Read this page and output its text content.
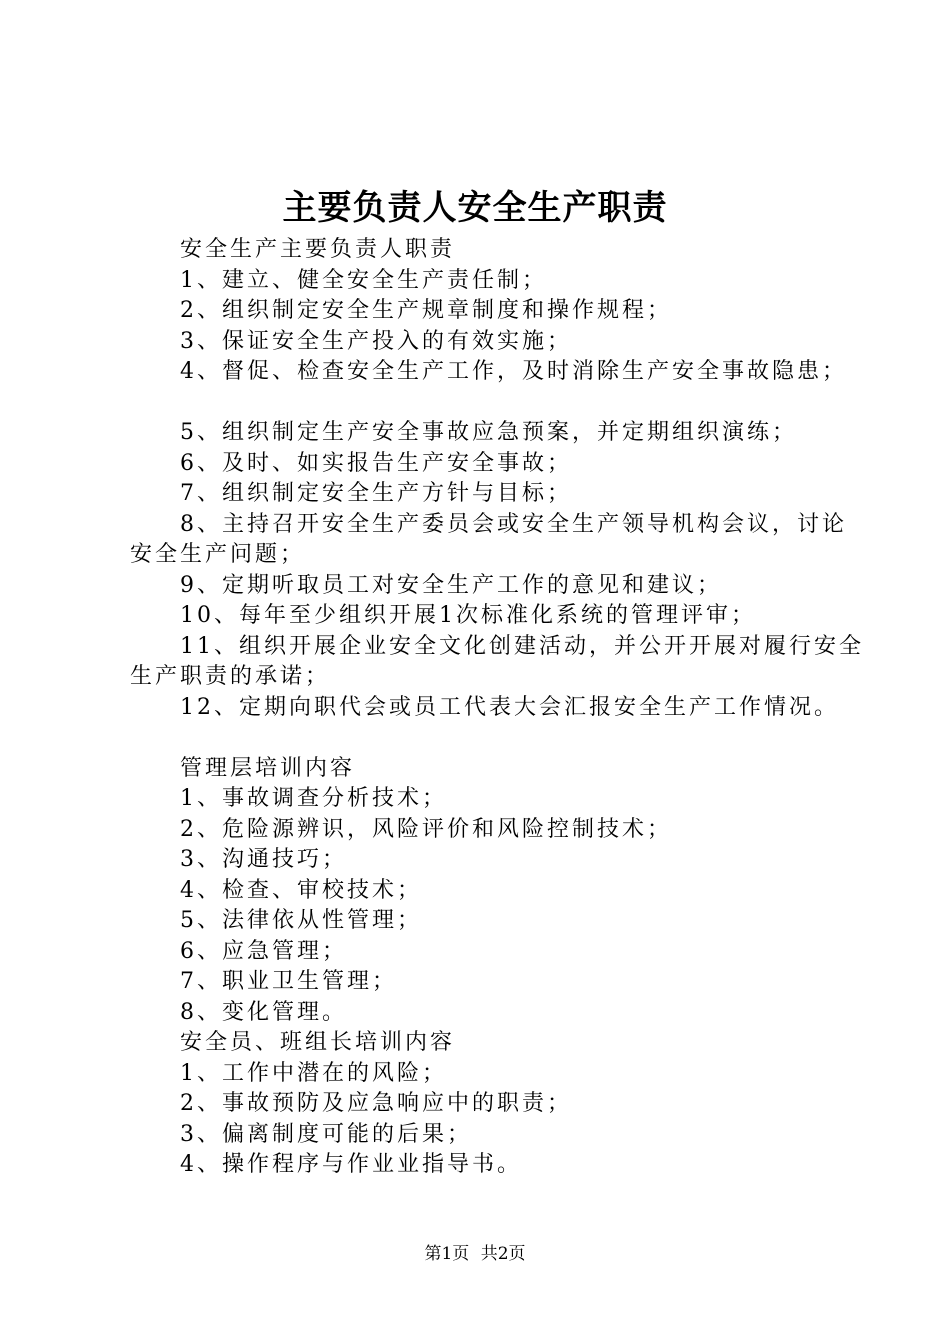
主要负责人安全生产职责

安全生产主要负责人职责

1、建立、健全安全生产责任制；

2、组织制定安全生产规章制度和操作规程；

3、保证安全生产投入的有效实施；

4、督促、检查安全生产工作，及时消除生产安全事故隐患；

5、组织制定生产安全事故应急预案，并定期组织演练；

6、及时、如实报告生产安全事故；

7、组织制定安全生产方针与目标；

8、主持召开安全生产委员会或安全生产领导机构会议，讨论安全生产问题；

9、定期听取员工对安全生产工作的意见和建议；

10、每年至少组织开展1次标准化系统的管理评审；

11、组织开展企业安全文化创建活动，并公开开展对履行安全生产职责的承诺；

12、定期向职代会或员工代表大会汇报安全生产工作情况。

管理层培训内容

1、事故调查分析技术；

2、危险源辨识，风险评价和风险控制技术；

3、沟通技巧；

4、检查、审校技术；

5、法律依从性管理；

6、应急管理；

7、职业卫生管理；

8、变化管理。

安全员、班组长培训内容

1、工作中潜在的风险；

2、事故预防及应急响应中的职责；

3、偏离制度可能的后果；

4、操作程序与作业业指导书。

第1页 共2页
